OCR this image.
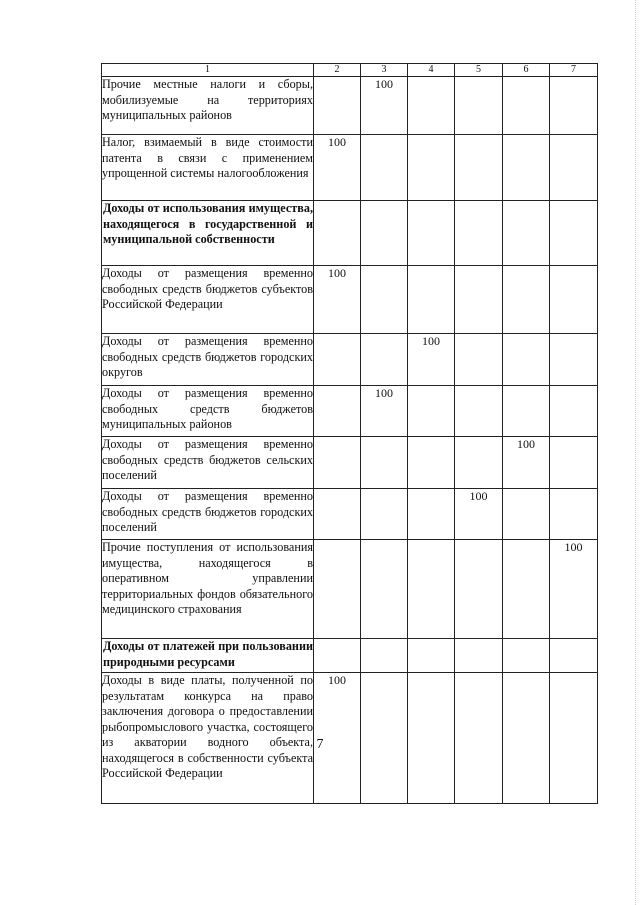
1	2	3	4	5	6	7
Прочие местные налоги и сборы, мобилизуемые на территориях муниципальных районов		100				
Налог, взимаемый в виде стоимости патента в связи с применением упрощенной системы налогообложения	100					
Доходы от использования имущества, находящегося в государственной и муниципальной собственности						
Доходы от размещения временно свободных средств бюджетов субъектов Российской Федерации	100					
Доходы от размещения временно свободных средств бюджетов городских округов			100			
Доходы от размещения временно свободных средств бюджетов муниципальных районов		100				
Доходы от размещения временно свободных средств бюджетов сельских поселений					100	
Доходы от размещения временно свободных средств бюджетов городских поселений				100		
Прочие поступления от использования имущества, находящегося в оперативном управлении территориальных фондов обязательного медицинского страхования						100
Доходы от платежей при пользовании природными ресурсами						
Доходы в виде платы, полученной по результатам конкурса на право заключения договора о предоставлении рыбопромыслового участка, состоящего из акватории водного объекта, находящегося в собственности субъекта Российской Федерации	100					
7
